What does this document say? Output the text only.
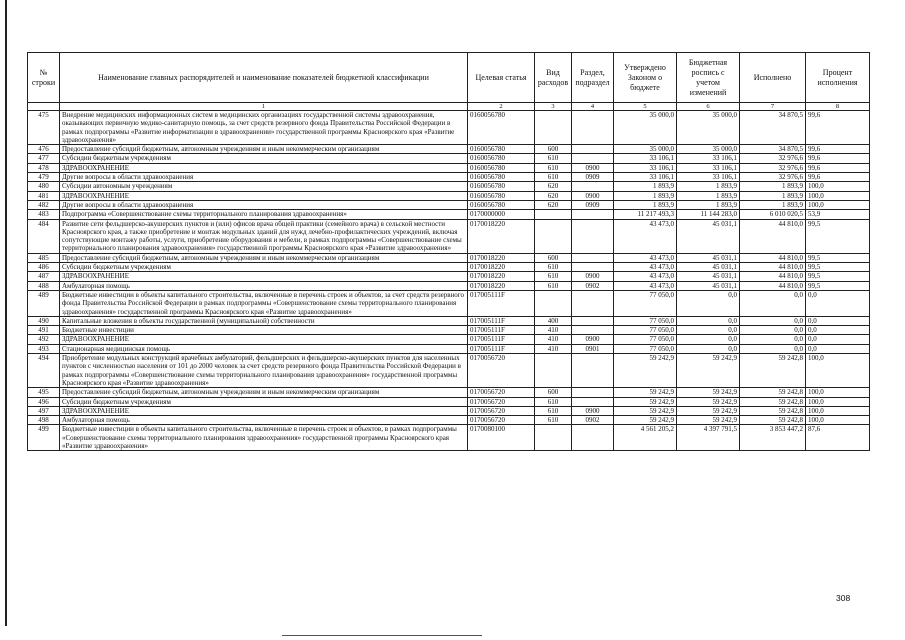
№ строки	Наименование главных распорядителей и наименование показателей бюджетной классификации	Целевая статья	Вид расходов	Раздел, подраздел	Утверждено Законом о бюджете	Бюджетная роспись с учетом изменений	Исполнено	Процент исполнения
	1	2	3	4	5	6	7	8
475	Внедрение медицинских информационных систем в медицинских организациях государственной системы здравоохранения, оказывающих первичную медико-санитарную помощь, за счет средств резервного фонда Правительства Российской Федерации в рамках подпрограммы «Развитие информатизации в здравоохранении» государственной программы Красноярского края «Развитие здравоохранения»	0160056780			35 000,0	35 000,0	34 870,5	99,6
476	Предоставление субсидий бюджетным, автономным учреждениям и иным некоммерческим организациям	0160056780	600		35 000,0	35 000,0	34 870,5	99,6
477	Субсидии бюджетным учреждениям	0160056780	610		33 106,1	33 106,1	32 976,6	99,6
478	ЗДРАВООХРАНЕНИЕ	0160056780	610	0900	33 106,1	33 106,1	32 976,6	99,6
479	Другие вопросы в области здравоохранения	0160056780	610	0909	33 106,1	33 106,1	32 976,6	99,6
480	Субсидии автономным учреждениям	0160056780	620		1 893,9	1 893,9	1 893,9	100,0
481	ЗДРАВООХРАНЕНИЕ	0160056780	620	0900	1 893,9	1 893,9	1 893,9	100,0
482	Другие вопросы в области здравоохранения	0160056780	620	0909	1 893,9	1 893,9	1 893,9	100,0
483	Подпрограмма «Совершенствование схемы территориального планирования здравоохранения»	0170000000			11 217 493,3	11 144 283,0	6 010 020,5	53,9
484	Развитие сети фельдшерско-акушерских пунктов и (или) офисов врача общей практики (семейного врача) в сельской местности Красноярского края, а также приобретение и монтаж модульных зданий для нужд лечебно-профилактических учреждений, включая сопутствующие монтажу работы, услуги, приобретение оборудования и мебели, в рамках подпрограммы «Совершенствование схемы территориального планирования здравоохранения» государственной программы Красноярского края «Развитие здравоохранения»	0170018220			43 473,0	45 031,1	44 810,0	99,5
485	Предоставление субсидий бюджетным, автономным учреждениям и иным некоммерческим организациям	0170018220	600		43 473,0	45 031,1	44 810,0	99,5
486	Субсидии бюджетным учреждениям	0170018220	610		43 473,0	45 031,1	44 810,0	99,5
487	ЗДРАВООХРАНЕНИЕ	0170018220	610	0900	43 473,0	45 031,1	44 810,0	99,5
488	Амбулаторная помощь	0170018220	610	0902	43 473,0	45 031,1	44 810,0	99,5
489	Бюджетные инвестиции в объекты капитального строительства, включенные в перечень строек и объектов, за счет средств резервного фонда Правительства Российской Федерации в рамках подпрограммы «Совершенствование схемы территориального планирования здравоохранения» государственной программы Красноярского края «Развитие здравоохранения»	017005111F			77 050,0	0,0	0,0	0,0
490	Капитальные вложения в объекты государственной (муниципальной) собственности	017005111F	400		77 050,0	0,0	0,0	0,0
491	Бюджетные инвестиции	017005111F	410		77 050,0	0,0	0,0	0,0
492	ЗДРАВООХРАНЕНИЕ	017005111F	410	0900	77 050,0	0,0	0,0	0,0
493	Стационарная медицинская помощь	017005111F	410	0901	77 050,0	0,0	0,0	0,0
494	Приобретение модульных конструкций врачебных амбулаторий, фельдшерских и фельдшерско-акушерских пунктов для населенных пунктов с численностью населения от 101 до 2000 человек за счет средств резервного фонда Правительства Российской Федерации в рамках подпрограммы «Совершенствование схемы территориального планирования здравоохранения» государственной программы Красноярского края «Развитие здравоохранения»	0170056720			59 242,9	59 242,9	59 242,8	100,0
495	Предоставление субсидий бюджетным, автономным учреждениям и иным некоммерческим организациям	0170056720	600		59 242,9	59 242,9	59 242,8	100,0
496	Субсидии бюджетным учреждениям	0170056720	610		59 242,9	59 242,9	59 242,8	100,0
497	ЗДРАВООХРАНЕНИЕ	0170056720	610	0900	59 242,9	59 242,9	59 242,8	100,0
498	Амбулаторная помощь	0170056720	610	0902	59 242,9	59 242,9	59 242,8	100,0
499	Бюджетные инвестиции в объекты капитального строительства, включенные в перечень строек и объектов, в рамках подпрограммы «Совершенствование схемы территориального планирования здравоохранения» государственной программы Красноярского края «Развитие здравоохранения»	0170080100			4 561 205,2	4 397 791,5	3 853 447,2	87,6
308
